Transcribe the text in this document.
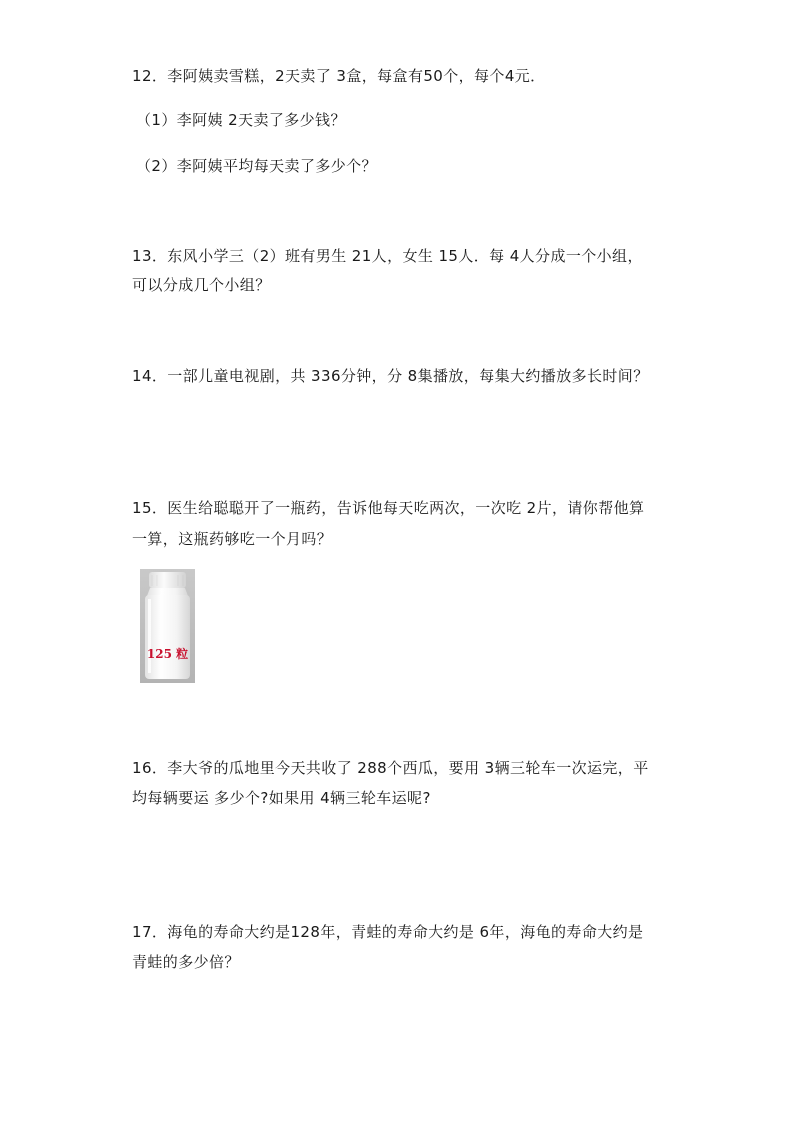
12．李阿姨卖雪糕，2天卖了 3盒，每盒有50个，每个4元．
（1）李阿姨 2天卖了多少钱？
（2）李阿姨平均每天卖了多少个？
13．东风小学三（2）班有男生 21人，女生 15人．每 4人分成一个小组，
可以分成几个小组？
14．一部儿童电视剧，共 336分钟，分 8集播放，每集大约播放多长时间？
15．医生给聪聪开了一瓶药，告诉他每天吃两次，一次吃 2片，请你帮他算
一算，这瓶药够吃一个月吗？
125 粒
16．李大爷的瓜地里今天共收了 288个西瓜，要用 3辆三轮车一次运完，平
均每辆要运 多少个?如果用 4辆三轮车运呢?
17．海龟的寿命大约是128年，青蛙的寿命大约是 6年，海龟的寿命大约是
青蛙的多少倍？
